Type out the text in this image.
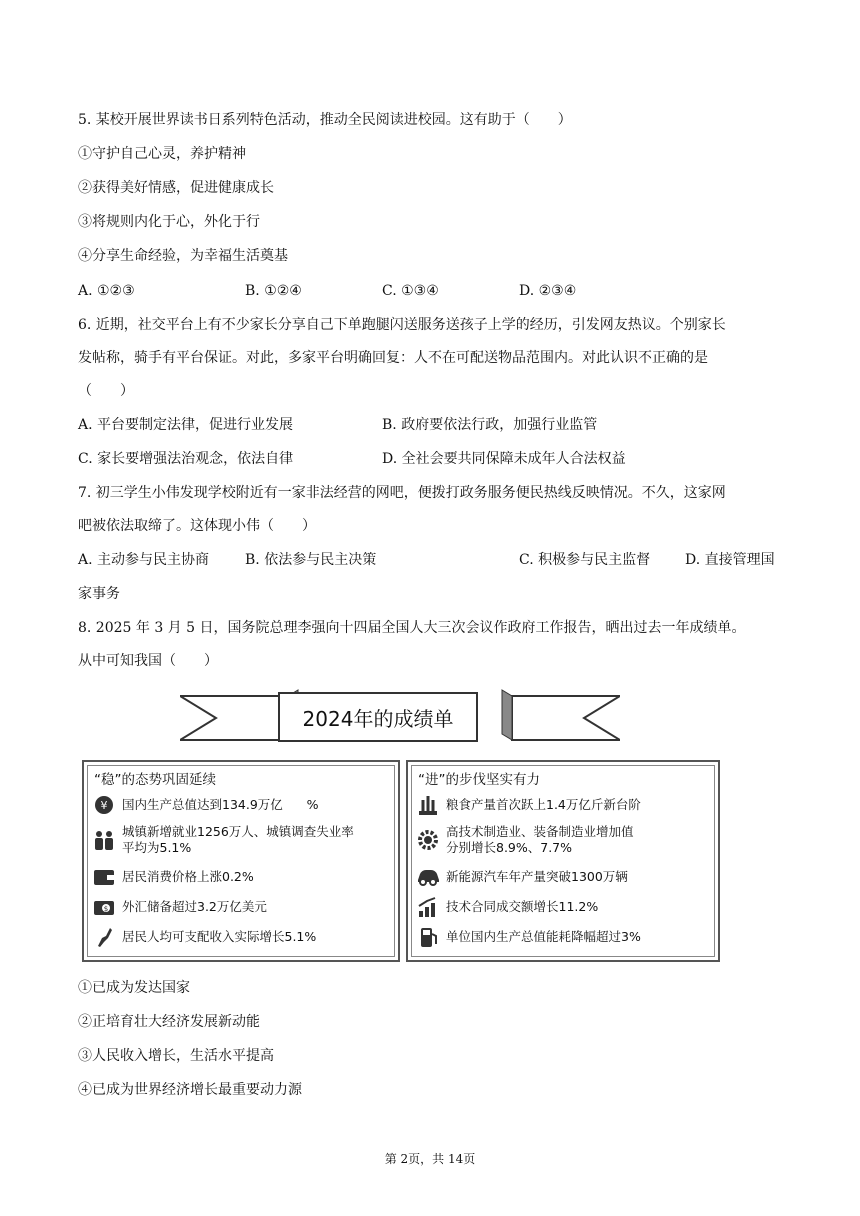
5. 某校开展世界读书日系列特色活动，推动全民阅读进校园。这有助于（　　）
①守护自己心灵，养护精神
②获得美好情感，促进健康成长
③将规则内化于心，外化于行
④分享生命经验，为幸福生活奠基
A. ①②③	B. ①②④	C. ①③④	D. ②③④
6. 近期，社交平台上有不少家长分享自己下单跑腿闪送服务送孩子上学的经历，引发网友热议。个别家长
发帖称，骑手有平台保证。对此，多家平台明确回复：人不在可配送物品范围内。对此认识不正确的是
（　　）
A. 平台要制定法律，促进行业发展	B. 政府要依法行政，加强行业监管
C. 家长要增强法治观念，依法自律	D. 全社会要共同保障未成年人合法权益
7. 初三学生小伟发现学校附近有一家非法经营的网吧，便拨打政务服务便民热线反映情况。不久，这家网
吧被依法取缔了。这体现小伟（　　）
A. 主动参与民主协商	B. 依法参与民主决策	C. 积极参与民主监督 D. 直接管理国
家事务
8. 2025 年 3 月 5 日，国务院总理李强向十四届全国人大三次会议作政府工作报告，晒出过去一年成绩单。
从中可知我国（　　）
2024年的成绩单
“稳”的态势巩固延续
¥ 国内生产总值达到134.9万亿      %
城镇新增就业1256万人、城镇调查失业率
平均为5.1%
居民消费价格上涨0.2%
$ 外汇储备超过3.2万亿美元
居民人均可支配收入实际增长5.1%
“进”的步伐坚实有力
粮食产量首次跃上1.4万亿斤新台阶
高技术制造业、装备制造业增加值
分别增长8.9%、7.7%
新能源汽车年产量突破1300万辆
技术合同成交额增长11.2%
单位国内生产总值能耗降幅超过3%
①已成为发达国家
②正培育壮大经济发展新动能
③人民收入增长，生活水平提高
④已成为世界经济增长最重要动力源
第 2页，共 14页
